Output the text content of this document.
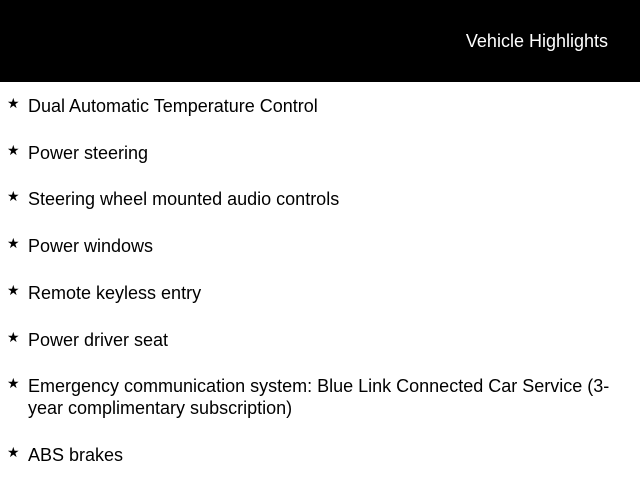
Vehicle Highlights
★ Dual Automatic Temperature Control
★ Power steering
★ Steering wheel mounted audio controls
★ Power windows
★ Remote keyless entry
★ Power driver seat
★ Emergency communication system: Blue Link Connected Car Service (3-year complimentary subscription)
★ ABS brakes
